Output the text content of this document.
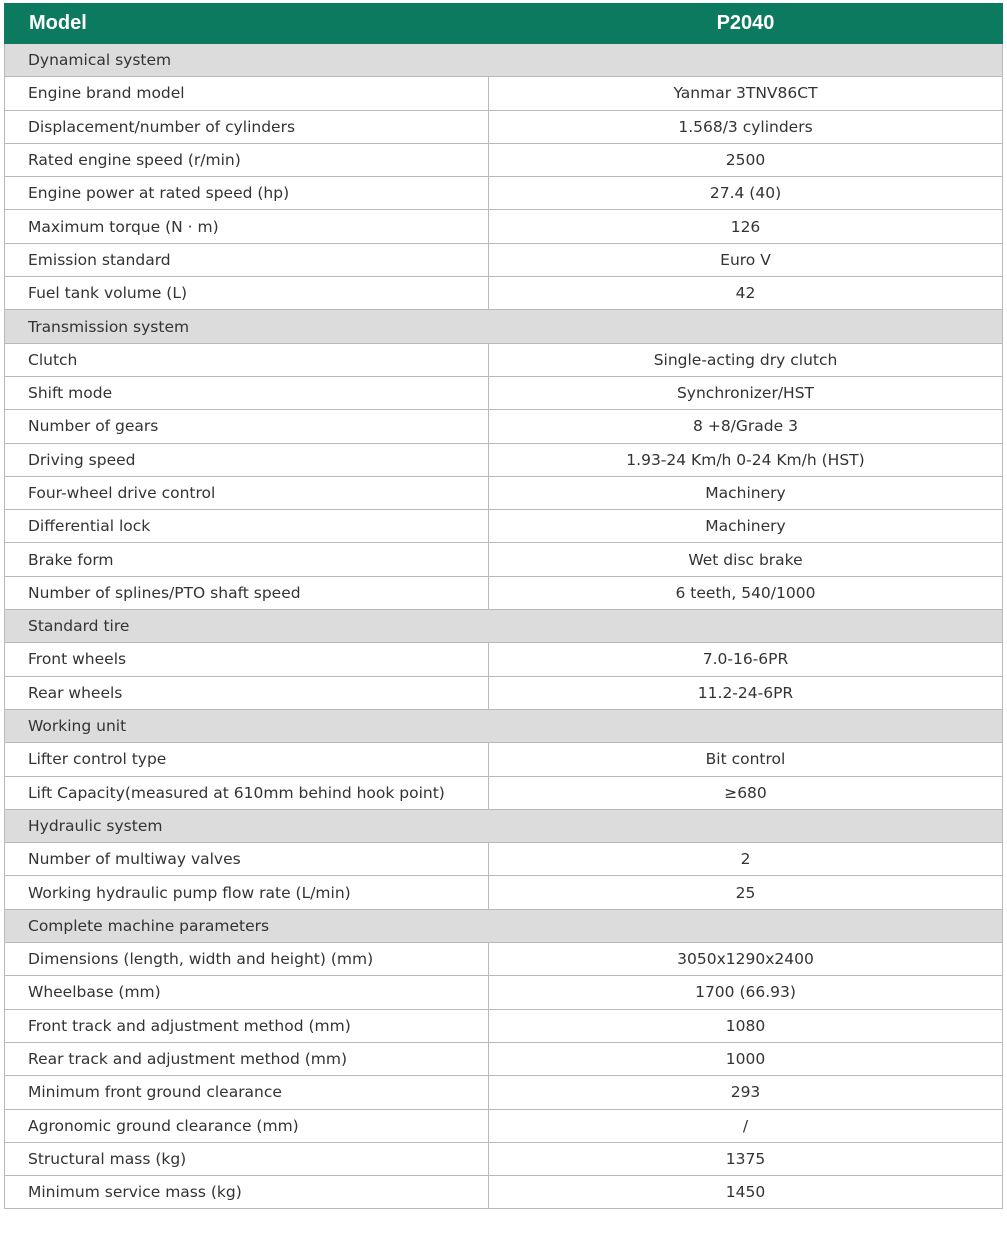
Model	P2040
Dynamical system	
Engine brand model	Yanmar 3TNV86CT
Displacement/number of cylinders	1.568/3 cylinders
Rated engine speed (r/min)	2500
Engine power at rated speed (hp)	27.4 (40)
Maximum torque (N · m)	126
Emission standard	Euro V
Fuel tank volume (L)	42
Transmission system	
Clutch	Single-acting dry clutch
Shift mode	Synchronizer/HST
Number of gears	8 +8/Grade 3
Driving speed	1.93-24 Km/h 0-24 Km/h (HST)
Four-wheel drive control	Machinery
Differential lock	Machinery
Brake form	Wet disc brake
Number of splines/PTO shaft speed	6 teeth, 540/1000
Standard tire	
Front wheels	7.0-16-6PR
Rear wheels	11.2-24-6PR
Working unit	
Lifter control type	Bit control
Lift Capacity(measured at 610mm behind hook point)	≥680
Hydraulic system	
Number of multiway valves	2
Working hydraulic pump flow rate (L/min)	25
Complete machine parameters	
Dimensions (length, width and height) (mm)	3050x1290x2400
Wheelbase (mm)	1700 (66.93)
Front track and adjustment method (mm)	1080
Rear track and adjustment method (mm)	1000
Minimum front ground clearance	293
Agronomic ground clearance (mm)	/
Structural mass (kg)	1375
Minimum service mass (kg)	1450
